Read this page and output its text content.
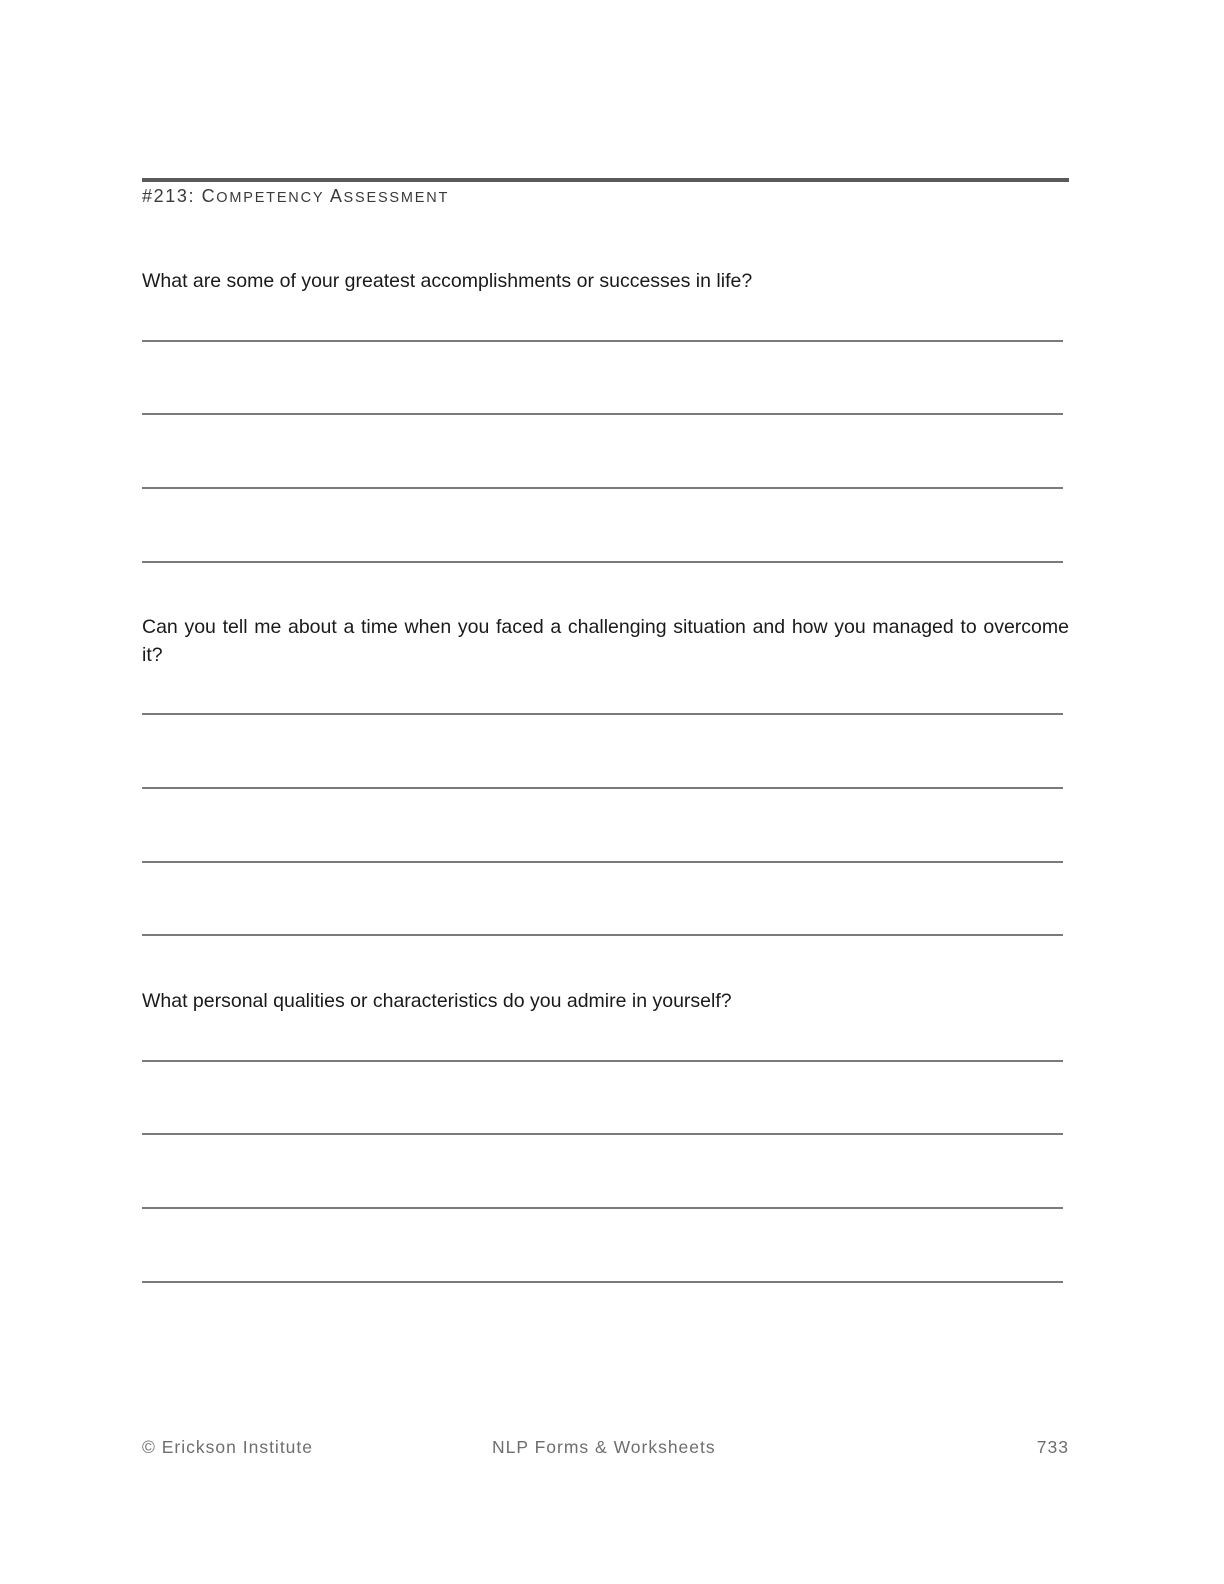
#213: COMPETENCY ASSESSMENT
What are some of your greatest accomplishments or successes in life?
Can you tell me about a time when you faced a challenging situation and how you managed to overcome it?
What personal qualities or characteristics do you admire in yourself?
© Erickson Institute	NLP Forms & Worksheets	733
